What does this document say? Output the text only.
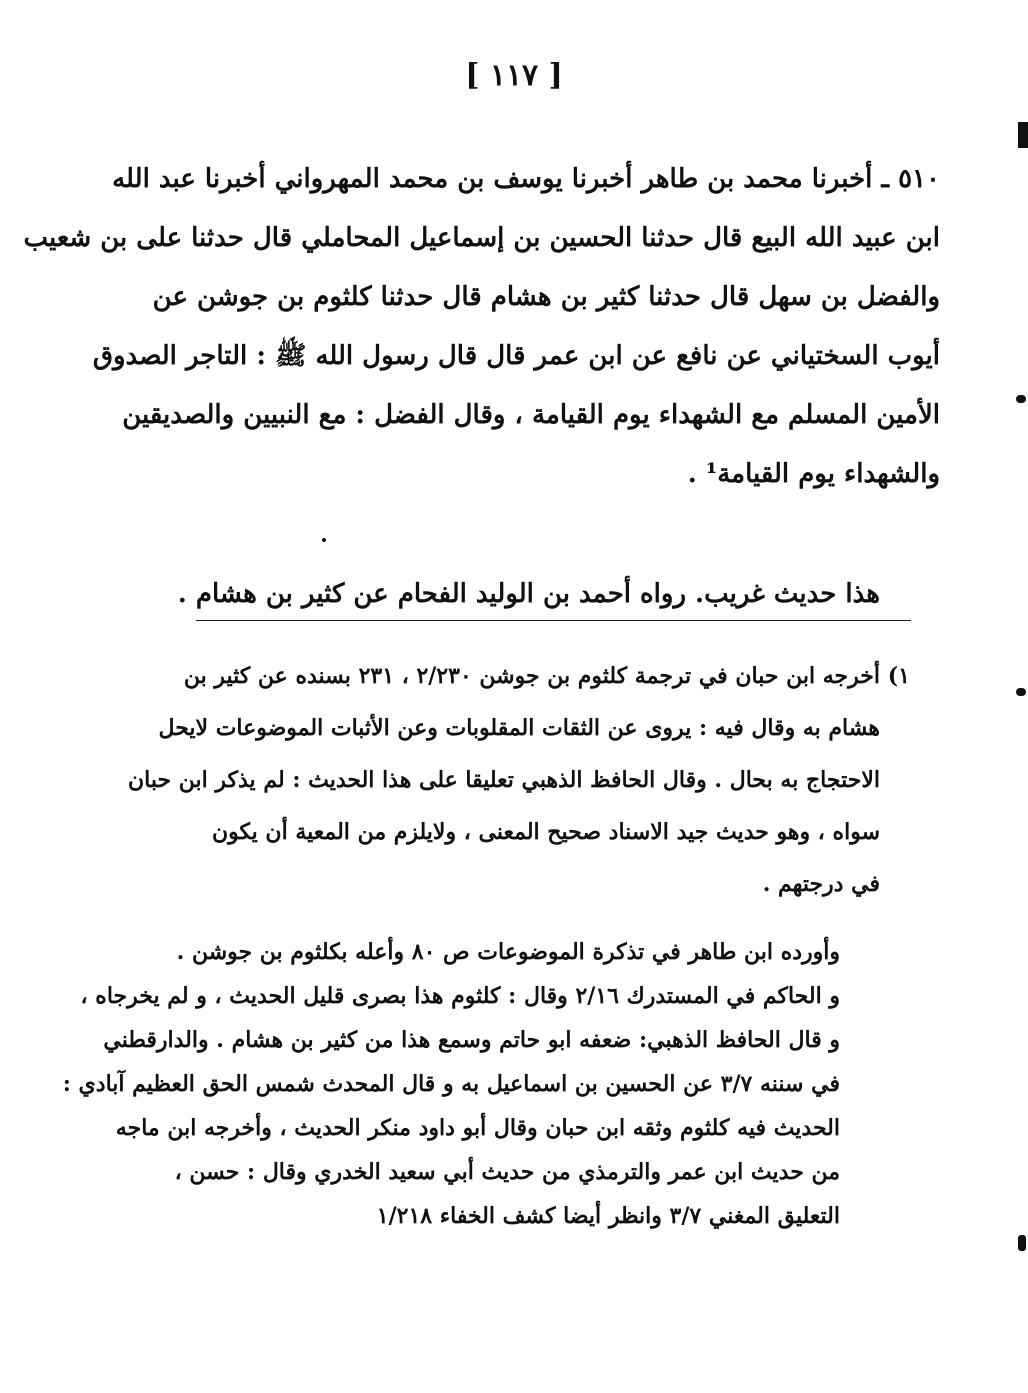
[ ١١٧ ]
٥١٠ ـ أخبرنا محمد بن طاهر أخبرنا يوسف بن محمد المهرواني أخبرنا عبد الله
ابن عبيد الله البيع قال حدثنا الحسين بن إسماعيل المحاملي قال حدثنا على بن شعيب
والفضل بن سهل قال حدثنا كثير بن هشام قال حدثنا كلثوم بن جوشن عن
أيوب السختياني عن نافع عن ابن عمر قال قال رسول الله ﷺ : التاجر الصدوق
الأمين المسلم مع الشهداء يوم القيامة ، وقال الفضل : مع النبيين والصديقين
والشهداء يوم القيامة¹ .
هذا حديث غريب. رواه أحمد بن الوليد الفحام عن كثير بن هشام .
١)
أخرجه ابن حبان في ترجمة كلثوم بن جوشن ٢/٢٣٠ ، ٢٣١ بسنده عن كثير بن
هشام به وقال فيه : يروى عن الثقات المقلوبات وعن الأثبات الموضوعات لايحل
الاحتجاج به بحال . وقال الحافظ الذهبي تعليقا على هذا الحديث : لم يذكر ابن حبان
سواه ، وهو حديث جيد الاسناد صحيح المعنى ، ولايلزم من المعية أن يكون
في درجتهم .
وأورده ابن طاهر في تذكرة الموضوعات ص ٨٠ وأعله بكلثوم بن جوشن .
و الحاكم في المستدرك ٢/١٦ وقال : كلثوم هذا بصرى قليل الحديث ، و لم يخرجاه ،
و قال الحافظ الذهبي: ضعفه ابو حاتم وسمع هذا من كثير بن هشام . والدارقطني
في سننه ٣/٧ عن الحسين بن اسماعيل به و قال المحدث شمس الحق العظيم آبادي :
الحديث فيه كلثوم وثقه ابن حبان وقال أبو داود منكر الحديث ، وأخرجه ابن ماجه
من حديث ابن عمر والترمذي من حديث أبي سعيد الخدري وقال : حسن ،
التعليق المغني ٣/٧ وانظر أيضا كشف الخفاء ١/٢١٨
